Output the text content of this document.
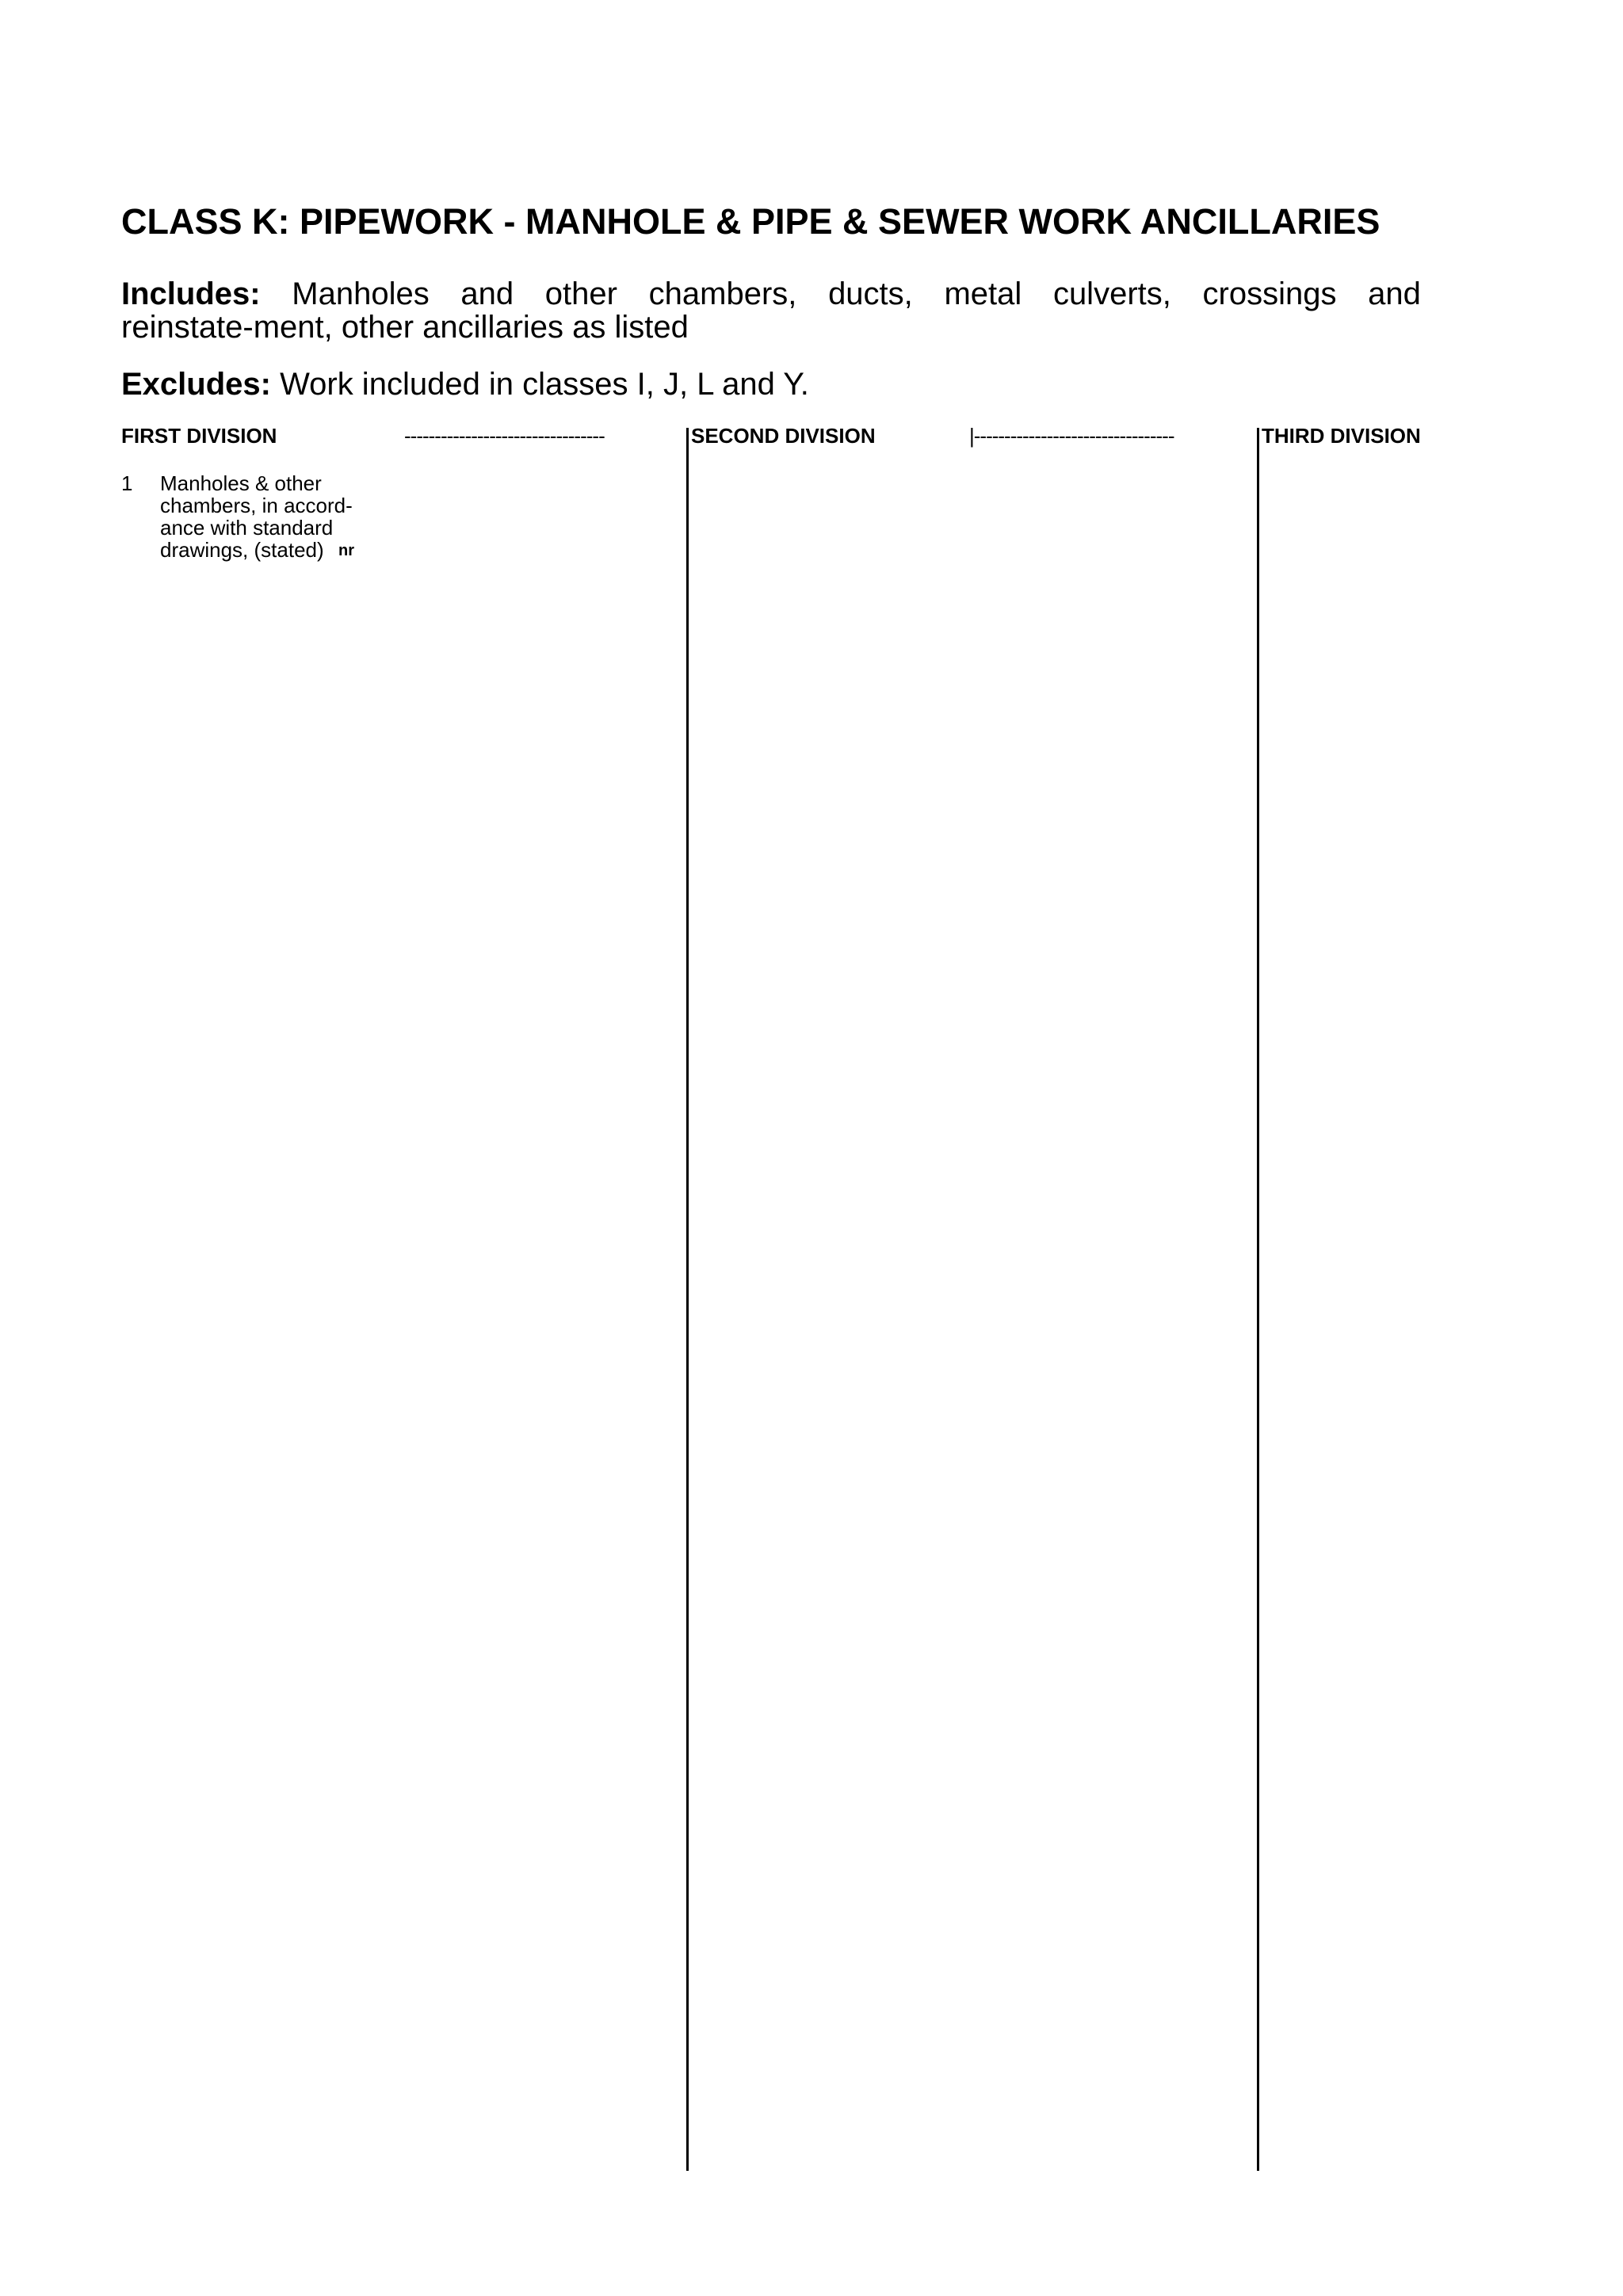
CLASS K: PIPEWORK - MANHOLE & PIPE & SEWER WORK ANCILLARIES
Includes: Manholes and other chambers, ducts, metal culverts, crossings and
reinstate-ment, other ancillaries as listed
Excludes: Work included in classes I, J, L and Y.
FIRST DIVISION	---------------------------------	SECOND DIVISION	|---------------------------------	THIRD DIVISION
1 Manholes & other
chambers, in accord-
ance with standard
drawings, (stated) nr
